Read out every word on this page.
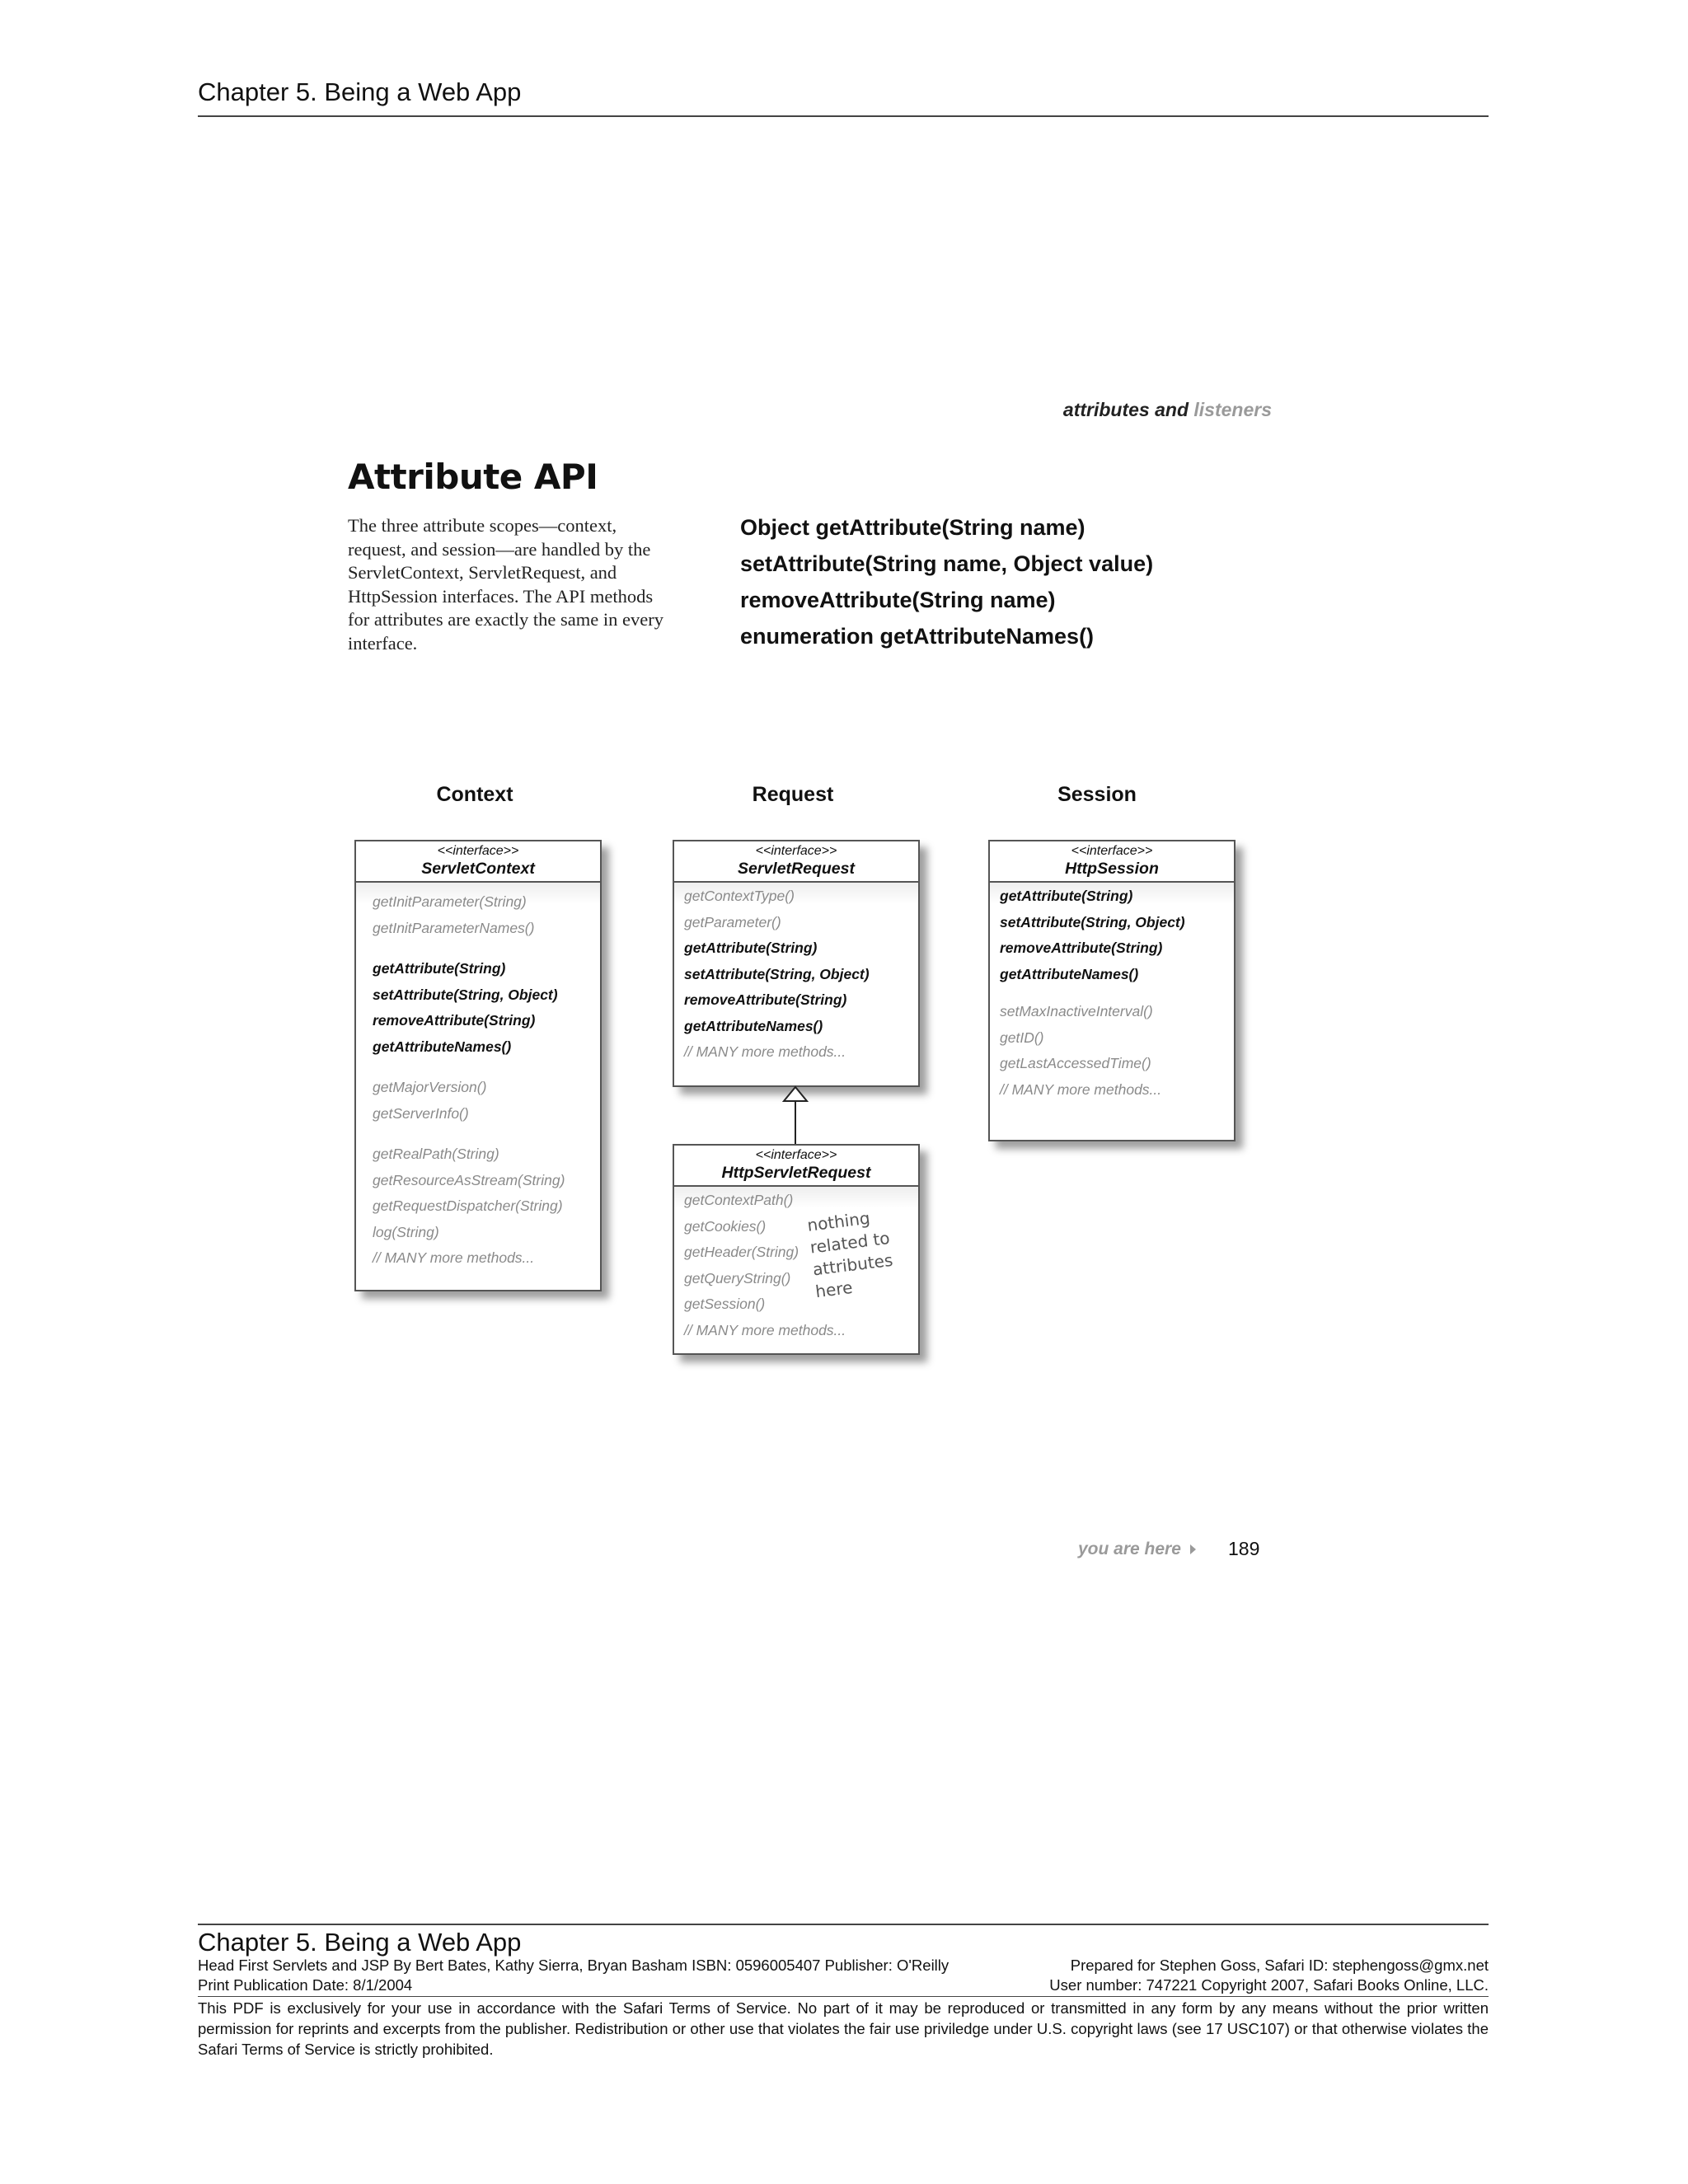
Chapter 5. Being a Web App
attributes and listeners
Attribute API
The three attribute scopes—context, request, and session—are handled by the ServletContext, ServletRequest, and HttpSession interfaces. The API methods for attributes are exactly the same in every interface.
Object getAttribute(String name)
setAttribute(String name, Object value)
removeAttribute(String name)
enumeration getAttributeNames()
Context	Request	Session
<<interface>>
ServletContext
getInitParameter(String)
getInitParameterNames()
getAttribute(String)
setAttribute(String, Object)
removeAttribute(String)
getAttributeNames()
getMajorVersion()
getServerInfo()
getRealPath(String)
getResourceAsStream(String)
getRequestDispatcher(String)
log(String)
// MANY more methods...
<<interface>>
ServletRequest
getContextType()
getParameter()
getAttribute(String)
setAttribute(String, Object)
removeAttribute(String)
getAttributeNames()
// MANY more methods...
<<interface>>
HttpServletRequest
getContextPath()
getCookies()
getHeader(String)
getQueryString()
getSession()
// MANY more methods...
nothing
related to
attributes
here
<<interface>>
HttpSession
getAttribute(String)
setAttribute(String, Object)
removeAttribute(String)
getAttributeNames()
setMaxInactiveInterval()
getID()
getLastAccessedTime()
// MANY more methods...
you are here 189
Chapter 5. Being a Web App
Head First Servlets and JSP By Bert Bates, Kathy Sierra, Bryan Basham ISBN: 0596005407 Publisher: O'Reilly	Prepared for Stephen Goss, Safari ID: stephengoss@gmx.net
Print Publication Date: 8/1/2004	User number: 747221 Copyright 2007, Safari Books Online, LLC.
This PDF is exclusively for your use in accordance with the Safari Terms of Service. No part of it may be reproduced or transmitted in any form by any means without the prior written permission for reprints and excerpts from the publisher. Redistribution or other use that violates the fair use priviledge under U.S. copyright laws (see 17 USC107) or that otherwise violates the Safari Terms of Service is strictly prohibited.
